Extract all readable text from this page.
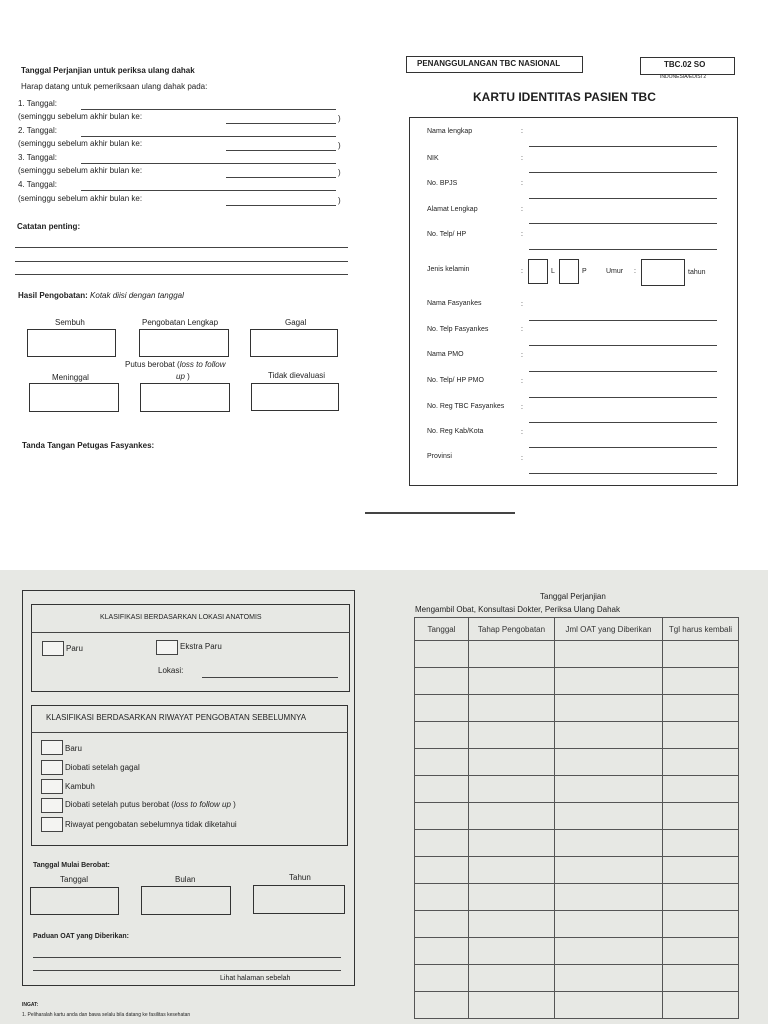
Tanggal Perjanjian untuk periksa ulang dahak
Harap datang untuk pemeriksaan ulang dahak pada:
1. Tanggal:
(seminggu sebelum akhir bulan ke:	)
2. Tanggal:
(seminggu sebelum akhir bulan ke:	)
3. Tanggal:
(seminggu sebelum akhir bulan ke:	)
4. Tanggal:
(seminggu sebelum akhir bulan ke:	)
Catatan penting:
Hasil Pengobatan: Kotak diisi dengan tanggal
Sembuh	Pengobatan Lengkap	Gagal
Putus berobat (loss to follow
up )
Meninggal	Tidak dievaluasi
Tanda Tangan Petugas Fasyankes:
PENANGGULANGAN TBC NASIONAL	TBC.02 SO
INDONESIA/EDISI 2
KARTU IDENTITAS PASIEN TBC
Nama lengkap	:
NIK	:
No. BPJS	:
Alamat Lengkap	:
No. Telp/ HP	:
Jenis kelamin	:	L	P	Umur :	tahun
Nama Fasyankes	:
No. Telp Fasyankes	:
Nama PMO	:
No. Telp/ HP PMO	:
No. Reg TBC Fasyankes :
No. Reg Kab/Kota	:
Provinsi	:
KLASIFIKASI BERDASARKAN LOKASI ANATOMIS
Paru	Ekstra Paru
Lokasi:
KLASIFIKASI BERDASARKAN RIWAYAT PENGOBATAN SEBELUMNYA
Baru
Diobati setelah gagal
Kambuh
Diobati setelah putus berobat (loss to follow up )
Riwayat pengobatan sebelumnya tidak diketahui
Tanggal Mulai Berobat:
Tanggal	Bulan	Tahun
Paduan OAT yang Diberikan:
Lihat halaman sebelah
INGAT:
1. Peliharalah kartu anda dan bawa selalu bila datang ke fasilitas kesehatan
Tanggal Perjanjian
Mengambil Obat, Konsultasi Dokter, Periksa Ulang Dahak
Tanggal	Tahap Pengobatan	Jml OAT yang Diberikan	Tgl harus kembali
